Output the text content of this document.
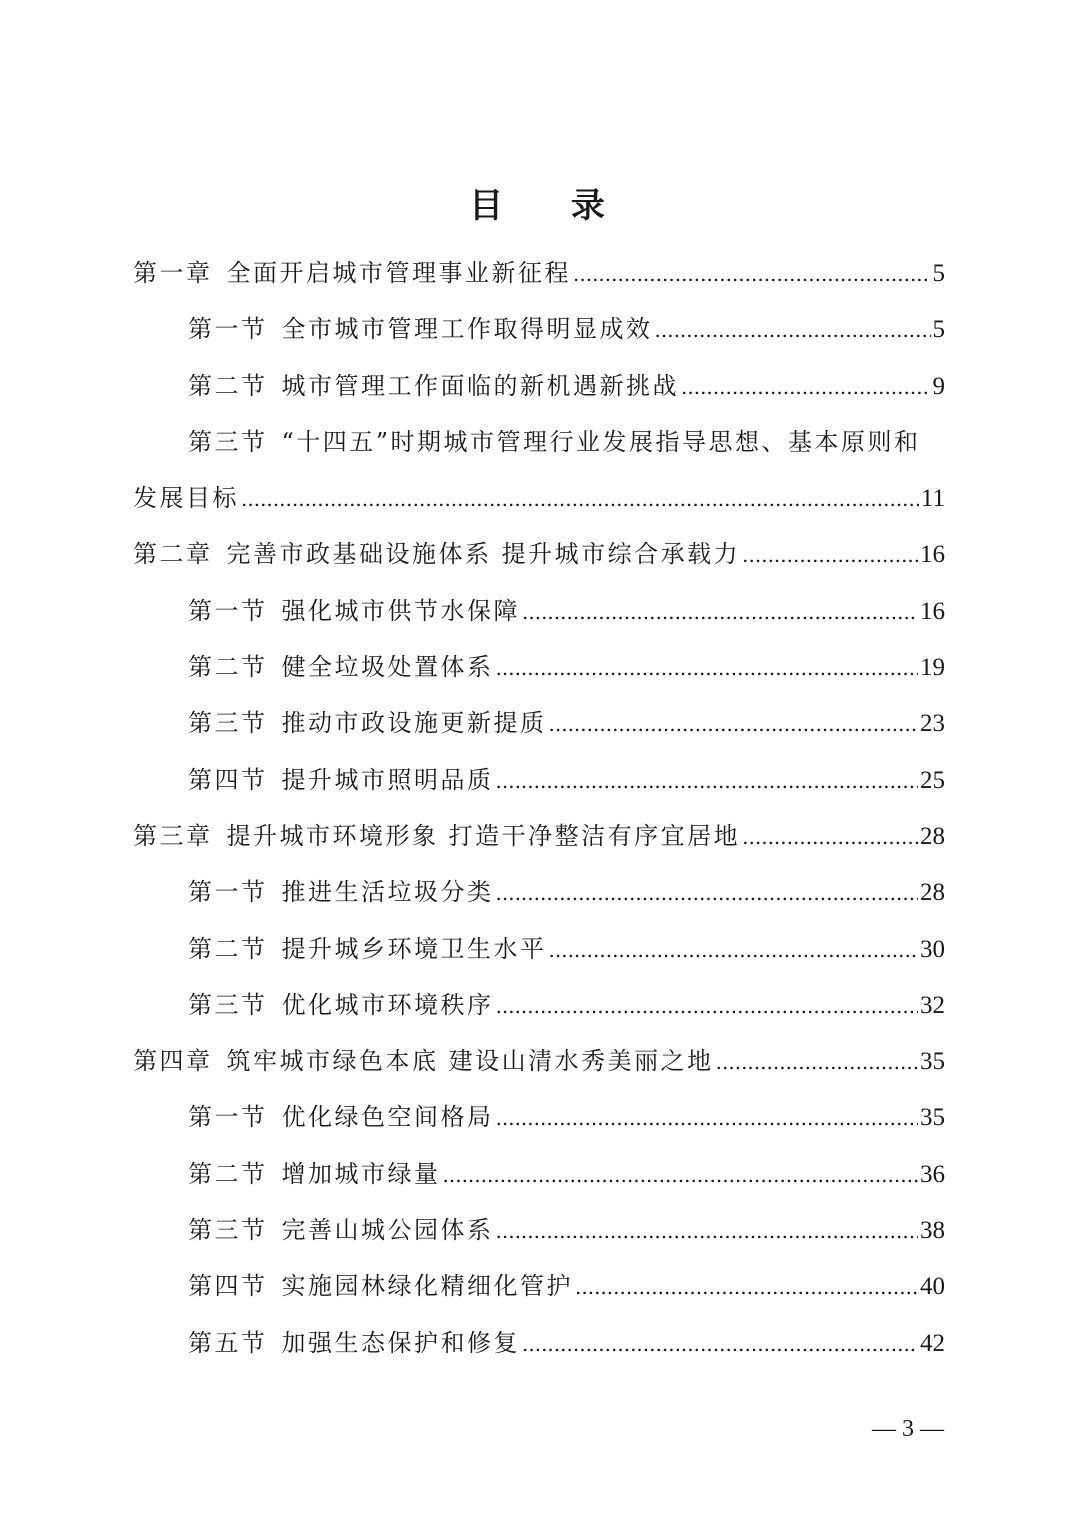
目 录
第一章 全面开启城市管理事业新征程 .....	5
第一节 全市城市管理工作取得明显成效 .....	5
第二节 城市管理工作面临的新机遇新挑战 .....	9
第三节 “十四五”时期城市管理行业发展指导思想、基本原则和
发展目标 .....	11
第二章 完善市政基础设施体系 提升城市综合承载力 .....	16
第一节 强化城市供节水保障 .....	16
第二节 健全垃圾处置体系 .....	19
第三节 推动市政设施更新提质 .....	23
第四节 提升城市照明品质 .....	25
第三章 提升城市环境形象 打造干净整洁有序宜居地 .....	28
第一节 推进生活垃圾分类 .....	28
第二节 提升城乡环境卫生水平 .....	30
第三节 优化城市环境秩序 .....	32
第四章 筑牢城市绿色本底 建设山清水秀美丽之地 .....	35
第一节 优化绿色空间格局 .....	35
第二节 增加城市绿量 .....	36
第三节 完善山城公园体系 .....	38
第四节 实施园林绿化精细化管护 .....	40
第五节 加强生态保护和修复 .....	42
— 3 —
